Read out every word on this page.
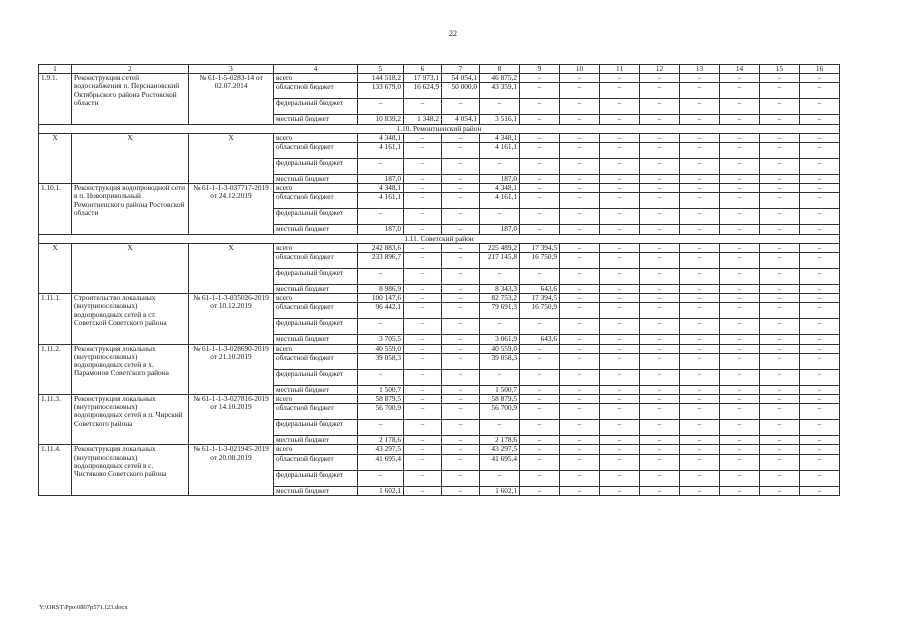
22
1	2	3	4	5	6	7	8	9	10	11	12	13	14	15	16
1.9.1.	Реконструкция сетей водоснабжения п. Персиановский Октябрьского района Ростовской области	№ 61-1-5-0283-14 от 02.07.2014	всего	144 518,2	17 973,1	54 054,1	46 875,2	–	–	–	–	–	–	–	–
			областной бюджет	133 679,0	16 624,9	50 000,0	43 359,1	–	–	–	–	–	–	–	–
			федеральный бюджет	–	–	–	–	–	–	–	–	–	–	–	–
			местный бюджет	10 839,2	1 348,2	4 054,1	3 516,1	–	–	–	–	–	–	–	–
1.10. Ремонтненский район															
Х	Х	Х	всего	4 348,1	–	–	4 348,1	–	–	–	–	–	–	–	–
			областной бюджет	4 161,1	–	–	4 161,1	–	–	–	–	–	–	–	–
			федеральный бюджет	–	–	–	–	–	–	–	–	–	–	–	–
			местный бюджет	187,0	–	–	187,0	–	–	–	–	–	–	–	–
1.10.1.	Реконструкция водопроводной сети в п. Новопривольный Ремонтненского района Ростовской области	№ 61-1-1-3-037717-2019 от 24.12.2019	всего	4 348,1	–	–	4 348,1	–	–	–	–	–	–	–	–
			областной бюджет	4 161,1	–	–	4 161,1	–	–	–	–	–	–	–	–
			федеральный бюджет	–	–	–	–	–	–	–	–	–	–	–	–
			местный бюджет	187,0	–	–	187,0	–	–	–	–	–	–	–	–
1.11. Советский район															
Х	Х	Х	всего	242 883,6	–	–	225 489,2	17 394,5	–	–	–	–	–	–	–
			областной бюджет	233 896,7	–	–	217 145,8	16 750,9	–	–	–	–	–	–	–
			федеральный бюджет	–	–	–	–	–	–	–	–	–	–	–	–
			местный бюджет	8 986,9	–	–	8 343,3	643,6	–	–	–	–	–	–	–
1.11.1.	Строительство локальных (внутрипоселковых) водопроводных сетей в ст. Советской Советского района	№ 61-1-1-3-035026-2019 от 10.12.2019	всего	100 147,6	–	–	82 753,2	17 394,5	–	–	–	–	–	–	–
			областной бюджет	96 442,1	–	–	79 691,3	16 750,9	–	–	–	–	–	–	–
			федеральный бюджет	–	–	–	–	–	–	–	–	–	–	–	–
			местный бюджет	3 705,5	–	–	3 061,9	643,6	–	–	–	–	–	–	–
1.11.2.	Реконструкция локальных (внутрипоселковых) водопроводных сетей в х. Парамонов Советского района	№ 61-1-1-3-028690-2019 от 21.10.2019	всего	40 559,0	–	–	40 559,0	–	–	–	–	–	–	–	–
			областной бюджет	39 058,3	–	–	39 058,3	–	–	–	–	–	–	–	–
			федеральный бюджет	–	–	–	–	–	–	–	–	–	–	–	–
			местный бюджет	1 500,7	–	–	1 500,7	–	–	–	–	–	–	–	–
1.11.3.	Реконструкция локальных (внутрипоселковых) водопроводных сетей в п. Чирский Советского района	№ 61-1-1-3-027816-2019 от 14.10.2019	всего	58 879,5	–	–	58 879,5	–	–	–	–	–	–	–	–
			областной бюджет	56 700,9	–	–	56 700,9	–	–	–	–	–	–	–	–
			федеральный бюджет	–	–	–	–	–	–	–	–	–	–	–	–
			местный бюджет	2 178,6	–	–	2 178,6	–	–	–	–	–	–	–	–
1.11.4.	Реконструкция локальных (внутрипоселковых) водопроводных сетей в с. Чистяково Советского района	№ 61-1-1-3-021945-2019 от 20.08.2019	всего	43 297,5	–	–	43 297,5	–	–	–	–	–	–	–	–
			областной бюджет	41 695,4	–	–	41 695,4	–	–	–	–	–	–	–	–
			федеральный бюджет	–	–	–	–	–	–	–	–	–	–	–	–
			местный бюджет	1 602,1	–	–	1 602,1	–	–	–	–	–	–	–	–
Y:\ORST\Ppo\0807p571.f23.docx
